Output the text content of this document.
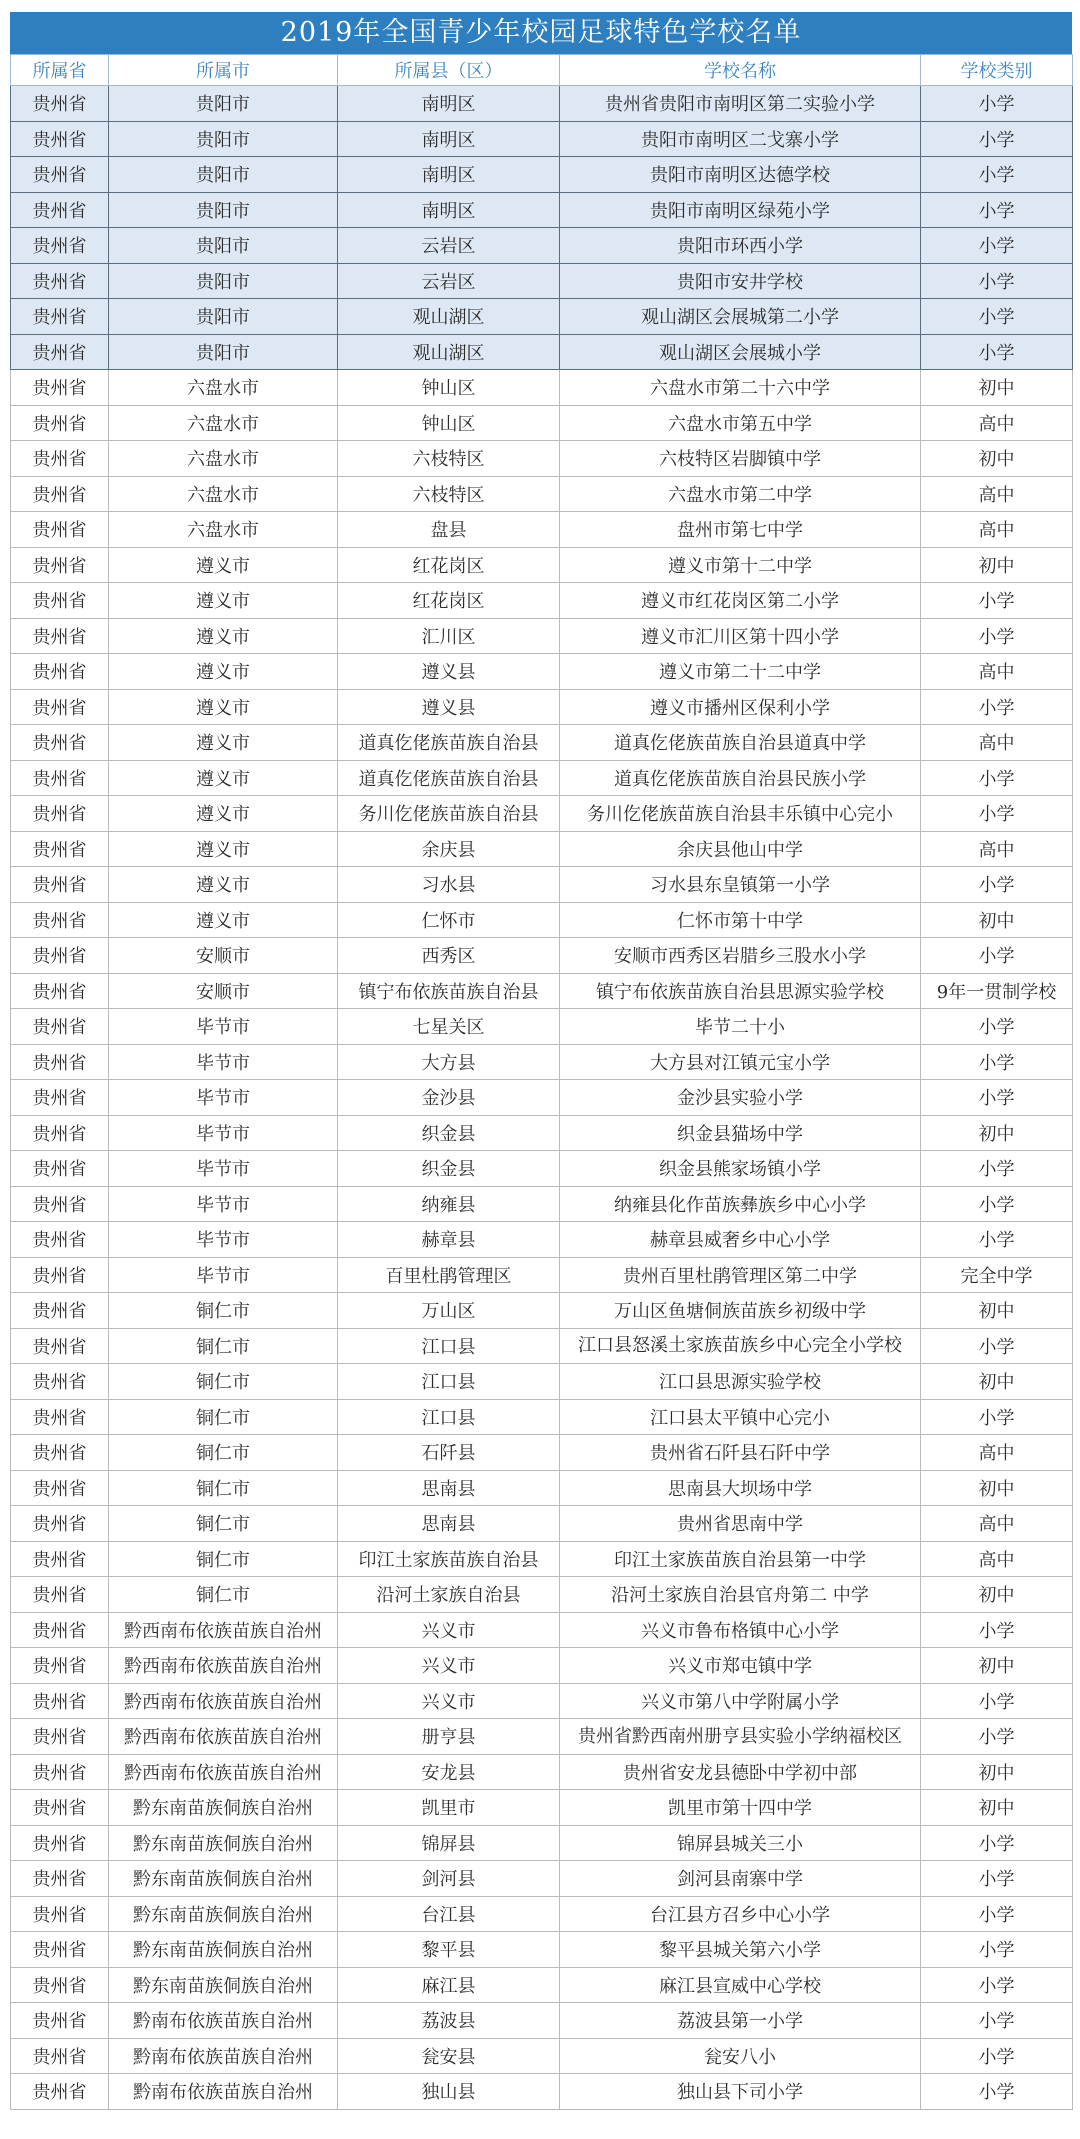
2019年全国青少年校园足球特色学校名单
所属省	所属市	所属县（区）	学校名称	学校类别
贵州省	贵阳市	南明区	贵州省贵阳市南明区第二实验小学	小学
贵州省	贵阳市	南明区	贵阳市南明区二戈寨小学	小学
贵州省	贵阳市	南明区	贵阳市南明区达德学校	小学
贵州省	贵阳市	南明区	贵阳市南明区绿苑小学	小学
贵州省	贵阳市	云岩区	贵阳市环西小学	小学
贵州省	贵阳市	云岩区	贵阳市安井学校	小学
贵州省	贵阳市	观山湖区	观山湖区会展城第二小学	小学
贵州省	贵阳市	观山湖区	观山湖区会展城小学	小学
贵州省	六盘水市	钟山区	六盘水市第二十六中学	初中
贵州省	六盘水市	钟山区	六盘水市第五中学	高中
贵州省	六盘水市	六枝特区	六枝特区岩脚镇中学	初中
贵州省	六盘水市	六枝特区	六盘水市第二中学	高中
贵州省	六盘水市	盘县	盘州市第七中学	高中
贵州省	遵义市	红花岗区	遵义市第十二中学	初中
贵州省	遵义市	红花岗区	遵义市红花岗区第二小学	小学
贵州省	遵义市	汇川区	遵义市汇川区第十四小学	小学
贵州省	遵义市	遵义县	遵义市第二十二中学	高中
贵州省	遵义市	遵义县	遵义市播州区保利小学	小学
贵州省	遵义市	道真仡佬族苗族自治县	道真仡佬族苗族自治县道真中学	高中
贵州省	遵义市	道真仡佬族苗族自治县	道真仡佬族苗族自治县民族小学	小学
贵州省	遵义市	务川仡佬族苗族自治县	务川仡佬族苗族自治县丰乐镇中心完小	小学
贵州省	遵义市	余庆县	余庆县他山中学	高中
贵州省	遵义市	习水县	习水县东皇镇第一小学	小学
贵州省	遵义市	仁怀市	仁怀市第十中学	初中
贵州省	安顺市	西秀区	安顺市西秀区岩腊乡三股水小学	小学
贵州省	安顺市	镇宁布依族苗族自治县	镇宁布依族苗族自治县思源实验学校	9年一贯制学校
贵州省	毕节市	七星关区	毕节二十小	小学
贵州省	毕节市	大方县	大方县对江镇元宝小学	小学
贵州省	毕节市	金沙县	金沙县实验小学	小学
贵州省	毕节市	织金县	织金县猫场中学	初中
贵州省	毕节市	织金县	织金县熊家场镇小学	小学
贵州省	毕节市	纳雍县	纳雍县化作苗族彝族乡中心小学	小学
贵州省	毕节市	赫章县	赫章县威奢乡中心小学	小学
贵州省	毕节市	百里杜鹃管理区	贵州百里杜鹃管理区第二中学	完全中学
贵州省	铜仁市	万山区	万山区鱼塘侗族苗族乡初级中学	初中
贵州省	铜仁市	江口县	江口县怒溪土家族苗族乡中心完全小学校	小学
贵州省	铜仁市	江口县	江口县思源实验学校	初中
贵州省	铜仁市	江口县	江口县太平镇中心完小	小学
贵州省	铜仁市	石阡县	贵州省石阡县石阡中学	高中
贵州省	铜仁市	思南县	思南县大坝场中学	初中
贵州省	铜仁市	思南县	贵州省思南中学	高中
贵州省	铜仁市	印江土家族苗族自治县	印江土家族苗族自治县第一中学	高中
贵州省	铜仁市	沿河土家族自治县	沿河土家族自治县官舟第二 中学	初中
贵州省	黔西南布依族苗族自治州	兴义市	兴义市鲁布格镇中心小学	小学
贵州省	黔西南布依族苗族自治州	兴义市	兴义市郑屯镇中学	初中
贵州省	黔西南布依族苗族自治州	兴义市	兴义市第八中学附属小学	小学
贵州省	黔西南布依族苗族自治州	册亨县	贵州省黔西南州册亨县实验小学纳福校区	小学
贵州省	黔西南布依族苗族自治州	安龙县	贵州省安龙县德卧中学初中部	初中
贵州省	黔东南苗族侗族自治州	凯里市	凯里市第十四中学	初中
贵州省	黔东南苗族侗族自治州	锦屏县	锦屏县城关三小	小学
贵州省	黔东南苗族侗族自治州	剑河县	剑河县南寨中学	小学
贵州省	黔东南苗族侗族自治州	台江县	台江县方召乡中心小学	小学
贵州省	黔东南苗族侗族自治州	黎平县	黎平县城关第六小学	小学
贵州省	黔东南苗族侗族自治州	麻江县	麻江县宣威中心学校	小学
贵州省	黔南布依族苗族自治州	荔波县	荔波县第一小学	小学
贵州省	黔南布依族苗族自治州	瓮安县	瓮安八小	小学
贵州省	黔南布依族苗族自治州	独山县	独山县下司小学	小学
